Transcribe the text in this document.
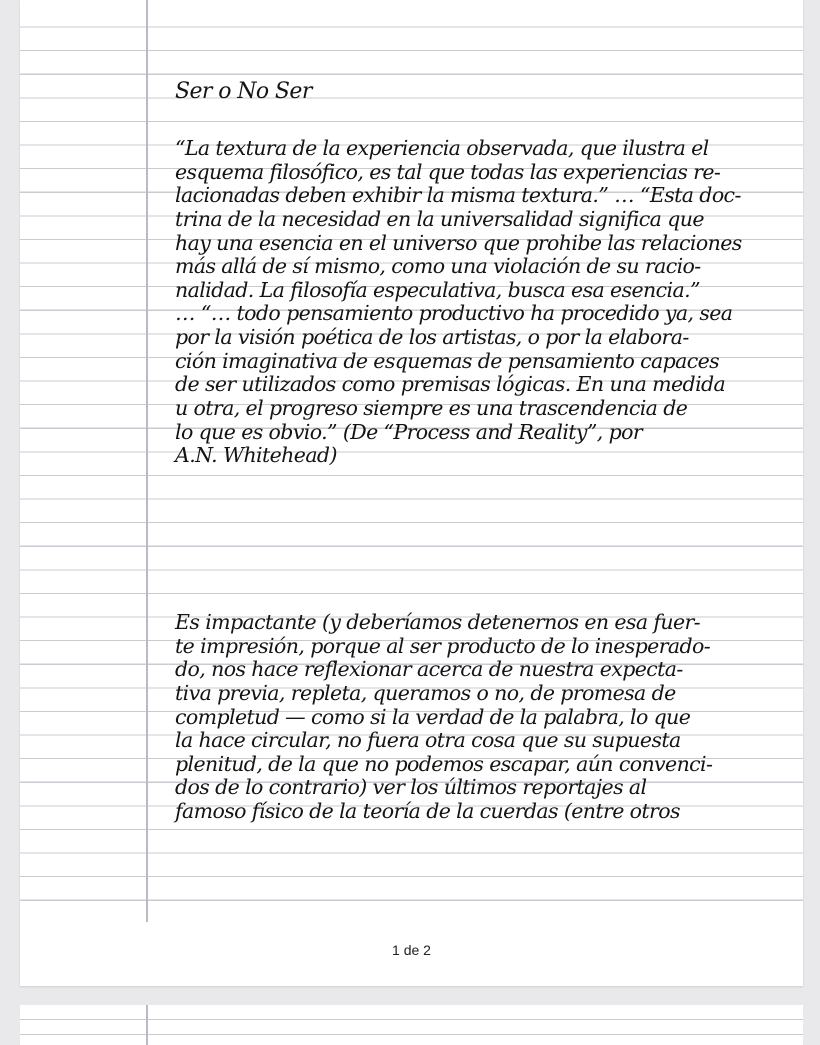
Ser o No Ser
“La textura de la experiencia observada, que ilustra el
esquema filosófico, es tal que todas las experiencias re-
lacionadas deben exhibir la misma textura.” … “Esta doc-
trina de la necesidad en la universalidad significa que
hay una esencia en el universo que prohibe las relaciones
más allá de sí mismo, como una violación de su racio-
nalidad. La filosofía especulativa, busca esa esencia.”
… “… todo pensamiento productivo ha procedido ya, sea
por la visión poética de los artistas, o por la elabora-
ción imaginativa de esquemas de pensamiento capaces
de ser utilizados como premisas lógicas. En una medida
u otra, el progreso siempre es una trascendencia de
lo que es obvio.” (De “Process and Reality”, por
A.N. Whitehead)
Es impactante (y deberíamos detenernos en esa fuer-
te impresión, porque al ser producto de lo inesperado-
do, nos hace reflexionar acerca de nuestra expecta-
tiva previa, repleta, queramos o no, de promesa de
completud — como si la verdad de la palabra, lo que
la hace circular, no fuera otra cosa que su supuesta
plenitud, de la que no podemos escapar, aún convenci-
dos de lo contrario) ver los últimos reportajes al
famoso físico de la teoría de la cuerdas (entre otros
1 de 2
